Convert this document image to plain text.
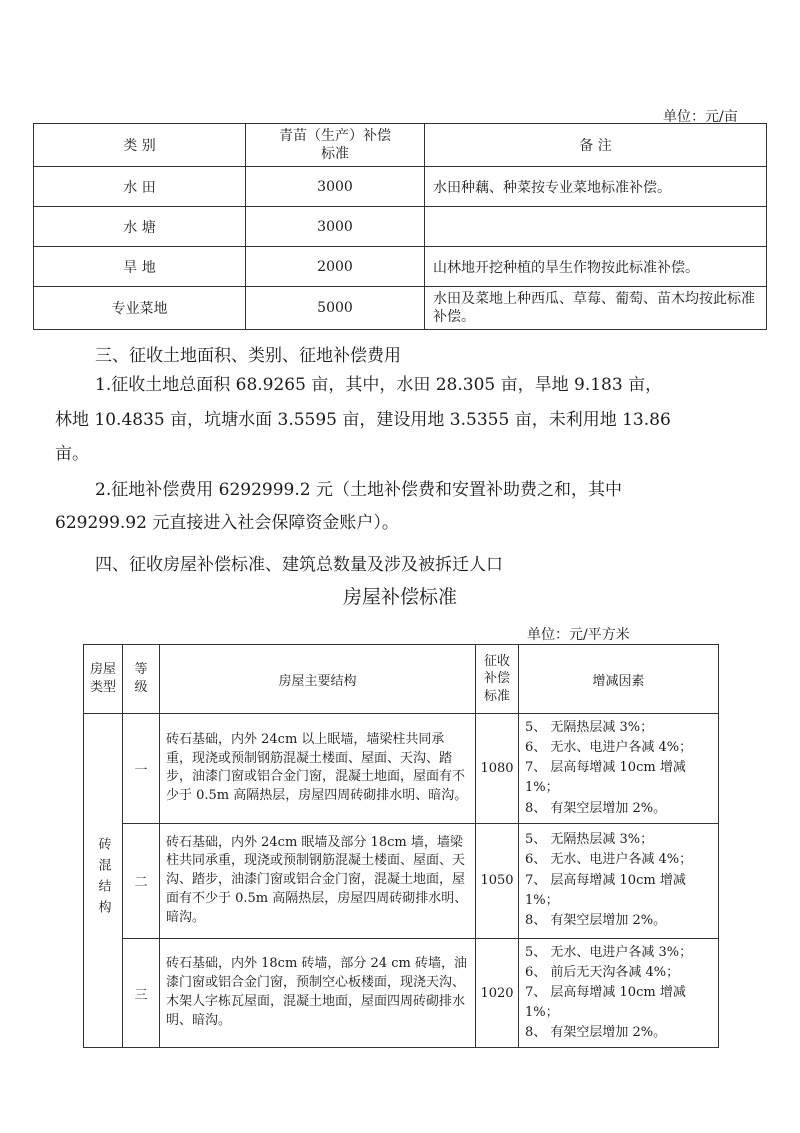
单位：元/亩
类 别	青苗（生产）补偿标准	备 注
水 田	3000	水田种藕、种菜按专业菜地标准补偿。
水 塘	3000	
旱 地	2000	山林地开挖种植的旱生作物按此标准补偿。
专业菜地	5000	水田及菜地上种西瓜、草莓、葡萄、苗木均按此标准补偿。
三、征收土地面积、类别、征地补偿费用
1.征收土地总面积 68.9265 亩，其中，水田 28.305 亩，旱地 9.183 亩，
林地 10.4835 亩，坑塘水面 3.5595 亩，建设用地 3.5355 亩，未利用地 13.86
亩。
2.征地补偿费用 6292999.2 元（土地补偿费和安置补助费之和，其中
629299.92 元直接进入社会保障资金账户）。
四、征收房屋补偿标准、建筑总数量及涉及被拆迁人口
房屋补偿标准
单位：元/平方米
房屋类型	等级	房屋主要结构	征收补偿标准	增减因素
砖混结构	一	砖石基础，内外 24cm 以上眠墙，墙梁柱共同承重，现浇或预制钢筋混凝土楼面、屋面、天沟、踏步，油漆门窗或铝合金门窗，混凝土地面，屋面有不少于 0.5m 高隔热层，房屋四周砖砌排水明、暗沟。	1080	5、 无隔热层减 3%；
6、 无水、电进户各减 4%；
7、 层高每增减 10cm 增减 1%；
8、 有架空层增加 2%。

	二	砖石基础，内外 24cm 眠墙及部分 18cm 墙，墙梁柱共同承重，现浇或预制钢筋混凝土楼面、屋面、天沟、踏步，油漆门窗或铝合金门窗，混凝土地面，屋面有不少于 0.5m 高隔热层，房屋四周砖砌排水明、暗沟。	1050	5、 无隔热层减 3%；
6、 无水、电进户各减 4%；
7、 层高每增减 10cm 增减 1%；
8、 有架空层增加 2%。

	三	砖石基础，内外 18cm 砖墙，部分 24 cm 砖墙，油漆门窗或铝合金门窗，预制空心板楼面，现浇天沟、木架人字栋瓦屋面，混凝土地面，屋面四周砖砌排水明、暗沟。	1020	5、 无水、电进户各减 3%；
6、 前后无天沟各减 4%；
7、 层高每增减 10cm 增减 1%；
8、 有架空层增加 2%。
